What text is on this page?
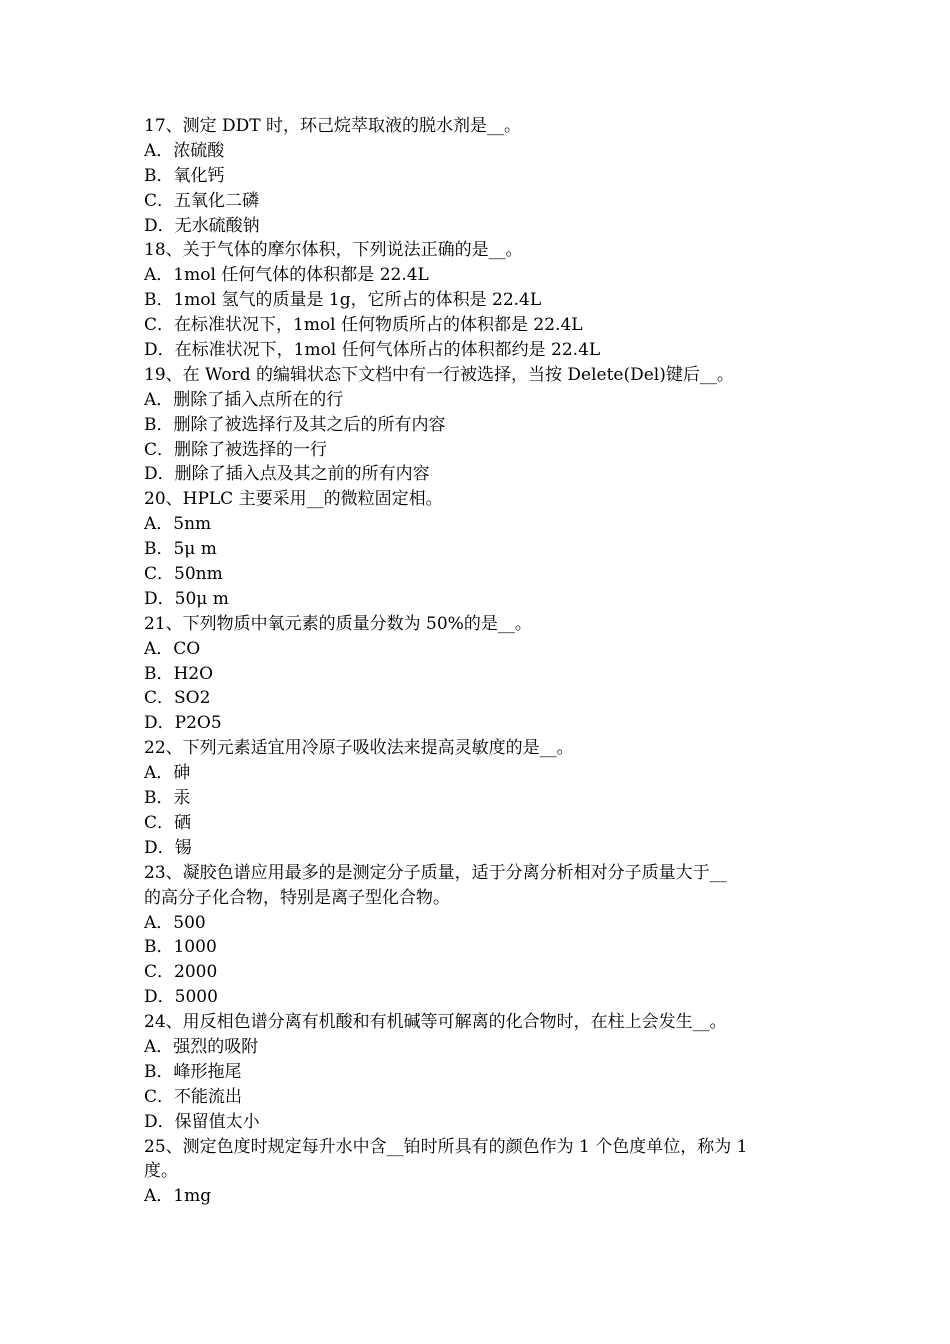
17、测定 DDT 时，环己烷萃取液的脱水剂是__。
A．浓硫酸
B．氧化钙
C．五氧化二磷
D．无水硫酸钠
18、关于气体的摩尔体积，下列说法正确的是__。
A．1mol 任何气体的体积都是 22.4L
B．1mol 氢气的质量是 1g，它所占的体积是 22.4L
C．在标准状况下，1mol 任何物质所占的体积都是 22.4L
D．在标准状况下，1mol 任何气体所占的体积都约是 22.4L
19、在 Word 的编辑状态下文档中有一行被选择，当按 Delete(Del)键后__。
A．删除了插入点所在的行
B．删除了被选择行及其之后的所有内容
C．删除了被选择的一行
D．删除了插入点及其之前的所有内容
20、HPLC 主要采用__的微粒固定相。
A．5nm
B．5μ m
C．50nm
D．50μ m
21、下列物质中氧元素的质量分数为 50%的是__。
A．CO
B．H2O
C．SO2
D．P2O5
22、下列元素适宜用冷原子吸收法来提高灵敏度的是__。
A．砷
B．汞
C．硒
D．锡
23、凝胶色谱应用最多的是测定分子质量，适于分离分析相对分子质量大于__
的高分子化合物，特别是离子型化合物。
A．500
B．1000
C．2000
D．5000
24、用反相色谱分离有机酸和有机碱等可解离的化合物时，在柱上会发生__。
A．强烈的吸附
B．峰形拖尾
C．不能流出
D．保留值太小
25、测定色度时规定每升水中含__铂时所具有的颜色作为 1 个色度单位，称为 1
度。
A．1mg
